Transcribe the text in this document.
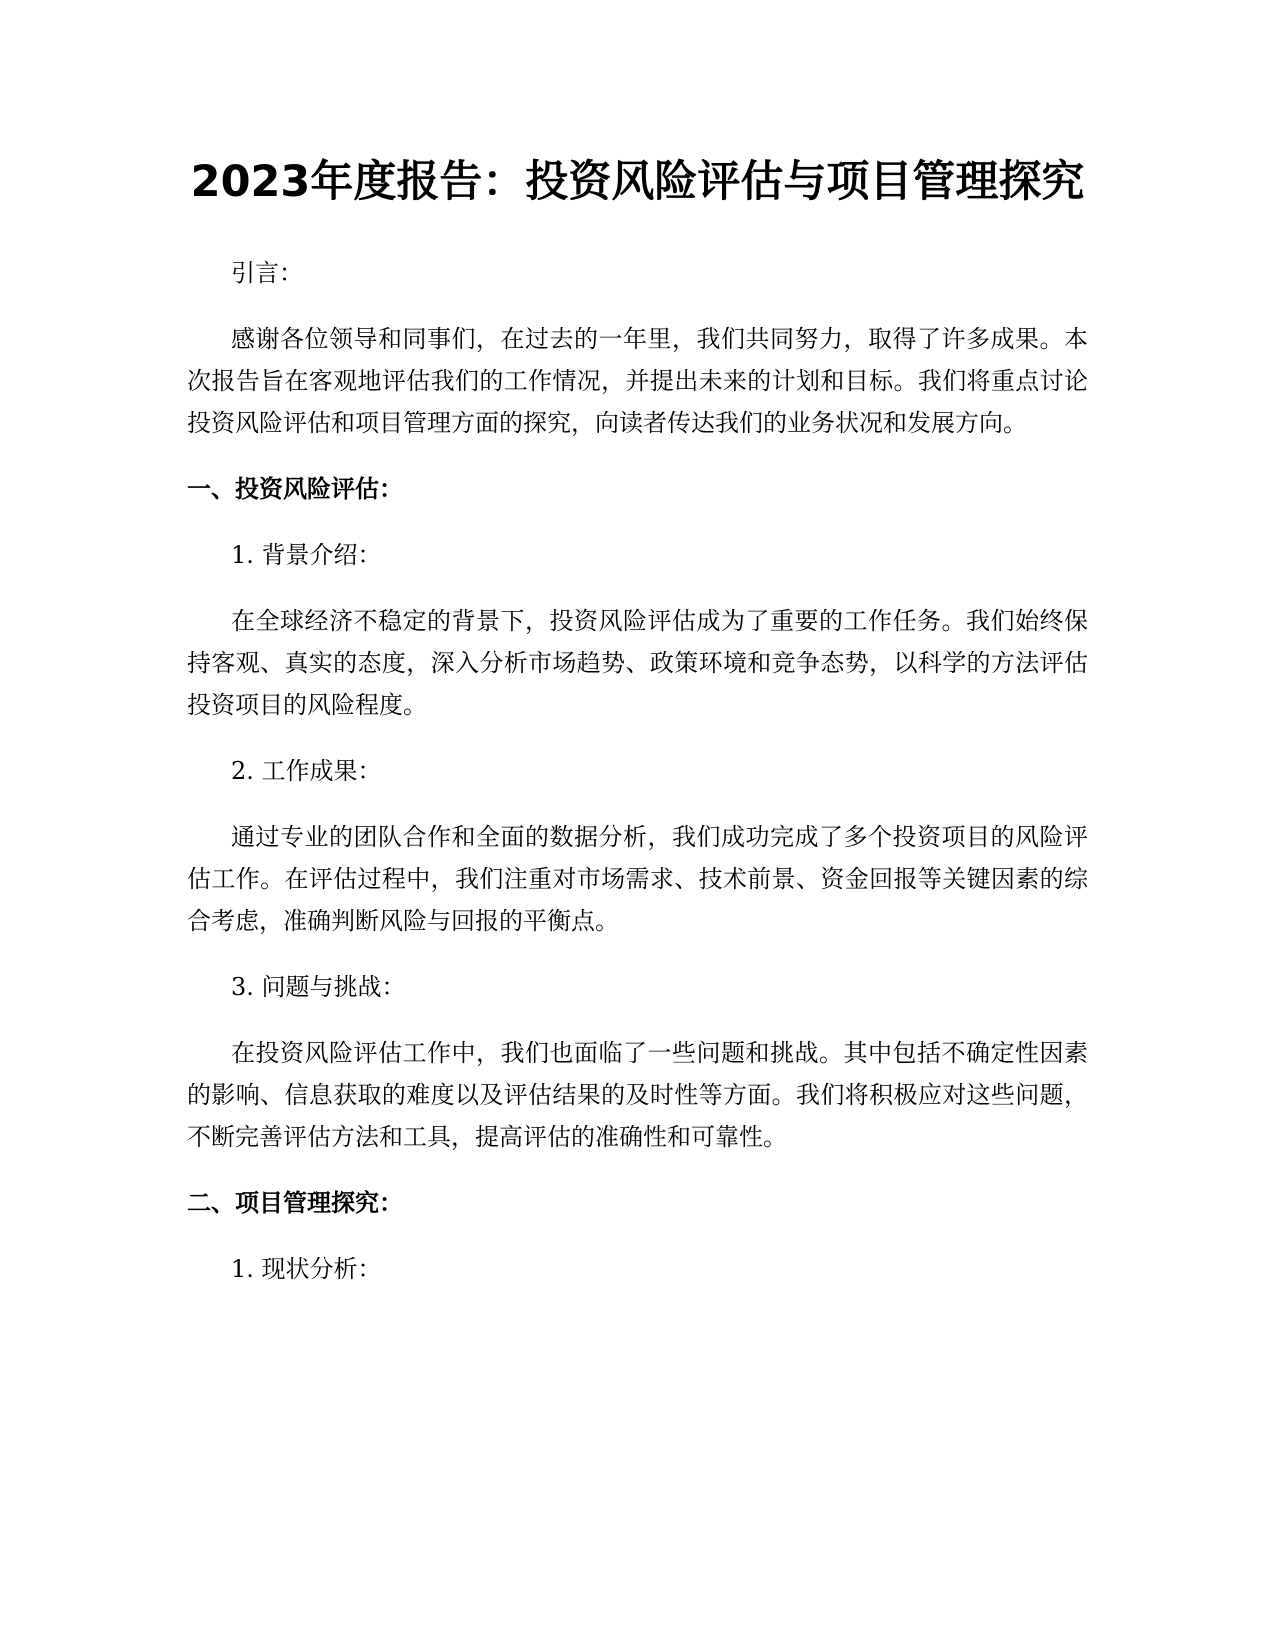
2023年度报告：投资风险评估与项目管理探究

引言：

感谢各位领导和同事们，在过去的一年里，我们共同努力，取得了许多成果。本次报告旨在客观地评估我们的工作情况，并提出未来的计划和目标。我们将重点讨论投资风险评估和项目管理方面的探究，向读者传达我们的业务状况和发展方向。

一、投资风险评估：

1. 背景介绍：

在全球经济不稳定的背景下，投资风险评估成为了重要的工作任务。我们始终保持客观、真实的态度，深入分析市场趋势、政策环境和竞争态势，以科学的方法评估投资项目的风险程度。

2. 工作成果：

通过专业的团队合作和全面的数据分析，我们成功完成了多个投资项目的风险评估工作。在评估过程中，我们注重对市场需求、技术前景、资金回报等关键因素的综合考虑，准确判断风险与回报的平衡点。

3. 问题与挑战：

在投资风险评估工作中，我们也面临了一些问题和挑战。其中包括不确定性因素的影响、信息获取的难度以及评估结果的及时性等方面。我们将积极应对这些问题，不断完善评估方法和工具，提高评估的准确性和可靠性。

二、项目管理探究：

1. 现状分析：
